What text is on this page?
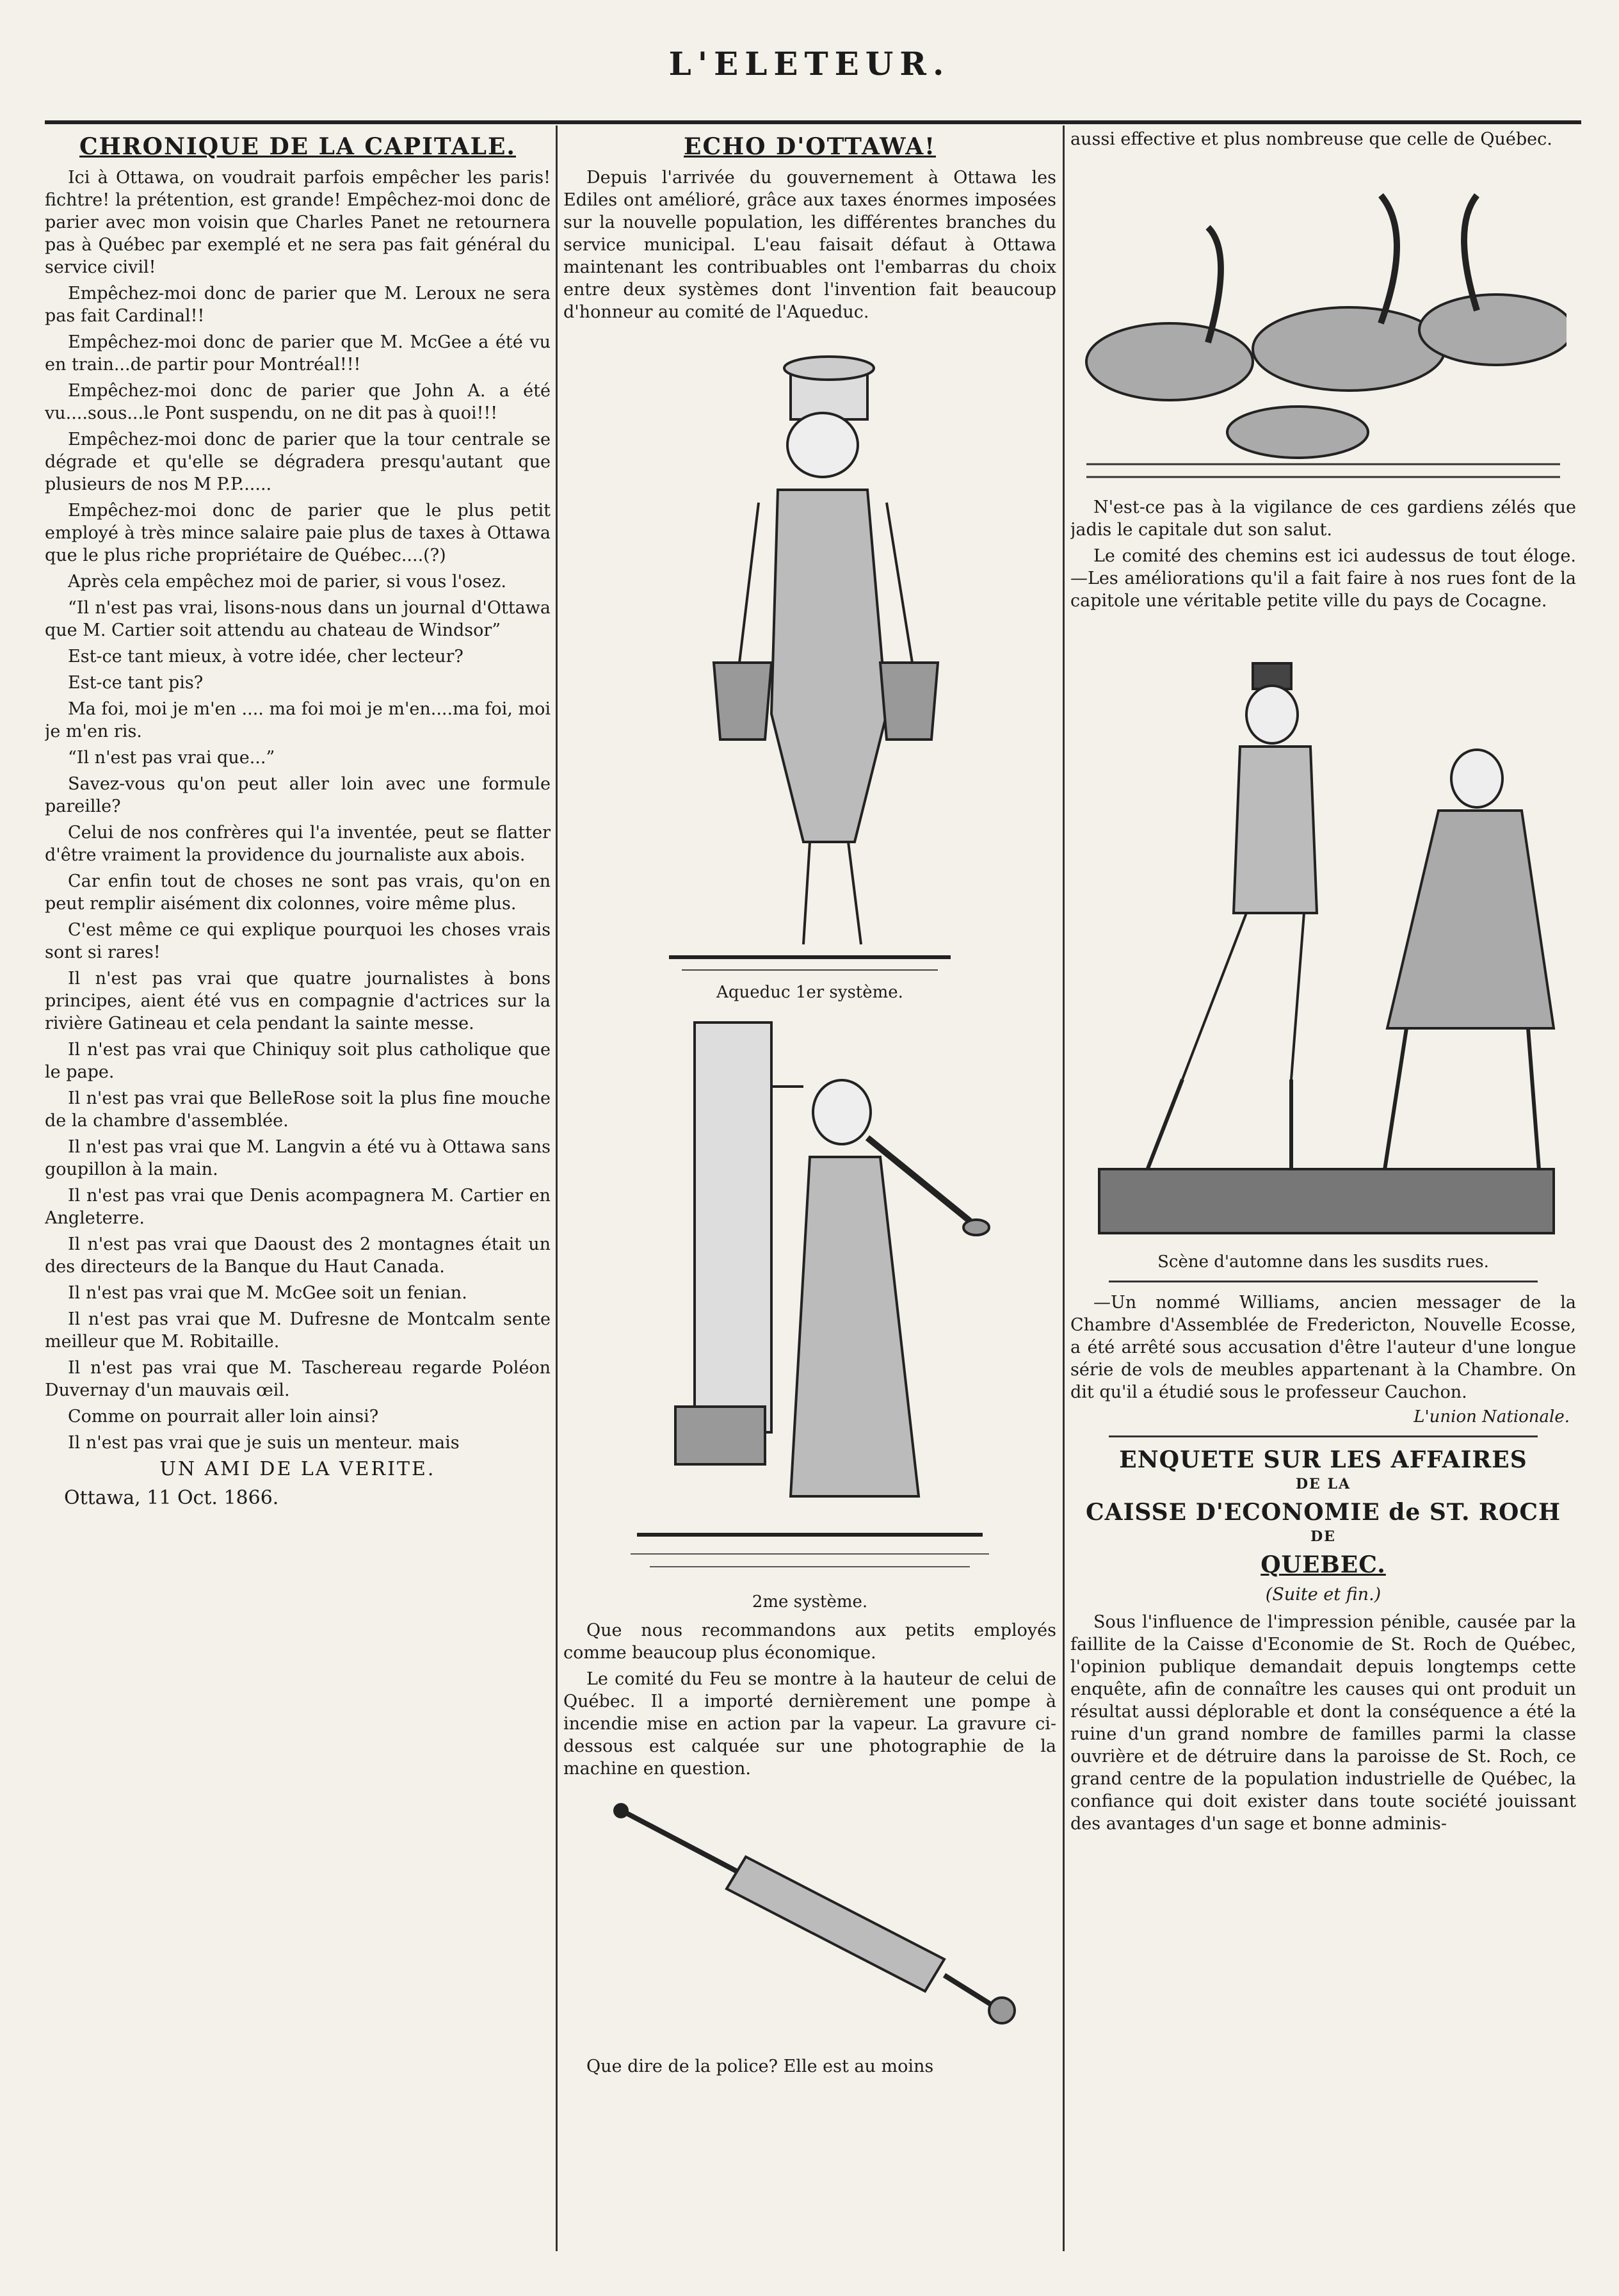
L'ELETEUR.
CHRONIQUE DE LA CAPITALE.

Ici à Ottawa, on voudrait parfois empêcher les paris! fichtre! la prétention, est grande! Empêchez-moi donc de parier avec mon voisin que Charles Panet ne retournera pas à Québec par exemplé et ne sera pas fait général du service civil!

Empêchez-moi donc de parier que M. Leroux ne sera pas fait Cardinal!!

Empêchez-moi donc de parier que M. McGee a été vu en train...de partir pour Montréal!!!

Empêchez-moi donc de parier que John A. a été vu....sous...le Pont suspendu, on ne dit pas à quoi!!!

Empêchez-moi donc de parier que la tour centrale se dégrade et qu'elle se dégradera presqu'autant que plusieurs de nos M P.P......

Empêchez-moi donc de parier que le plus petit employé à très mince salaire paie plus de taxes à Ottawa que le plus riche propriétaire de Québec....(?)

Après cela empêchez moi de parier, si vous l'osez.

“Il n'est pas vrai, lisons-nous dans un journal d'Ottawa que M. Cartier soit attendu au chateau de Windsor”

Est-ce tant mieux, à votre idée, cher lecteur?

Est-ce tant pis?

Ma foi, moi je m'en .... ma foi moi je m'en....ma foi, moi je m'en ris.

“Il n'est pas vrai que...”

Savez-vous qu'on peut aller loin avec une formule pareille?

Celui de nos confrères qui l'a inventée, peut se flatter d'être vraiment la providence du journaliste aux abois.

Car enfin tout de choses ne sont pas vrais, qu'on en peut remplir aisément dix colonnes, voire même plus.

C'est même ce qui explique pourquoi les choses vrais sont si rares!

Il n'est pas vrai que quatre journalistes à bons principes, aient été vus en compagnie d'actrices sur la rivière Gatineau et cela pendant la sainte messe.

Il n'est pas vrai que Chiniquy soit plus catholique que le pape.

Il n'est pas vrai que BelleRose soit la plus fine mouche de la chambre d'assemblée.

Il n'est pas vrai que M. Langvin a été vu à Ottawa sans goupillon à la main.

Il n'est pas vrai que Denis acompagnera M. Cartier en Angleterre.

Il n'est pas vrai que Daoust des 2 montagnes était un des directeurs de la Banque du Haut Canada.

Il n'est pas vrai que M. McGee soit un fenian.

Il n'est pas vrai que M. Dufresne de Montcalm sente meilleur que M. Robitaille.

Il n'est pas vrai que M. Taschereau regarde Poléon Duvernay d'un mauvais œil.

Comme on pourrait aller loin ainsi?

Il n'est pas vrai que je suis un menteur. mais

UN AMI DE LA VERITE.
Ottawa, 11 Oct. 1866.
ECHO D'OTTAWA!

Depuis l'arrivée du gouvernement à Ottawa les Ediles ont amélioré, grâce aux taxes énormes imposées sur la nouvelle population, les différentes branches du service municipal. L'eau faisait défaut à Ottawa maintenant les contribuables ont l'embarras du choix entre deux systèmes dont l'invention fait beaucoup d'honneur au comité de l'Aqueduc.

Aqueduc 1er système.
2me système.

Que nous recommandons aux petits employés comme beaucoup plus économique.

Le comité du Feu se montre à la hauteur de celui de Québec. Il a importé dernièrement une pompe à incendie mise en action par la vapeur. La gravure ci-dessous est calquée sur une photographie de la machine en question.

Que dire de la police? Elle est au moins

aussi effective et plus nombreuse que celle de Québec.

N'est-ce pas à la vigilance de ces gardiens zélés que jadis le capitale dut son salut.

Le comité des chemins est ici audessus de tout éloge.—Les améliorations qu'il a fait faire à nos rues font de la capitole une véritable petite ville du pays de Cocagne.

Scène d'automne dans les susdits rues.

—Un nommé Williams, ancien messager de la Chambre d'Assemblée de Fredericton, Nouvelle Ecosse, a été arrêté sous accusation d'être l'auteur d'une longue série de vols de meubles appartenant à la Chambre. On dit qu'il a étudié sous le professeur Cauchon.

L'union Nationale.
ENQUETE SUR LES AFFAIRES
DE LA
CAISSE D'ECONOMIE de ST. ROCH
DE
QUEBEC.
(Suite et fin.)

Sous l'influence de l'impression pénible, causée par la faillite de la Caisse d'Economie de St. Roch de Québec, l'opinion publique demandait depuis longtemps cette enquête, afin de connaître les causes qui ont produit un résultat aussi déplorable et dont la conséquence a été la ruine d'un grand nombre de familles parmi la classe ouvrière et de détruire dans la paroisse de St. Roch, ce grand centre de la population industrielle de Québec, la confiance qui doit exister dans toute société jouissant des avantages d'un sage et bonne adminis-
